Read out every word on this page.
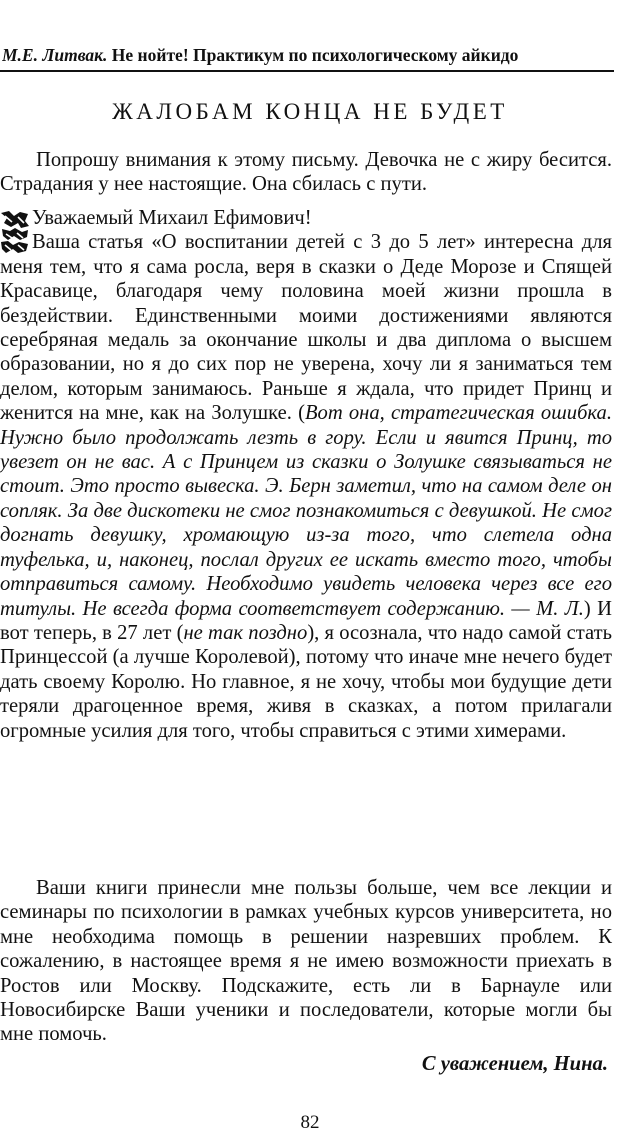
М.Е. Литвак. Не нойте! Практикум по психологическому айкидо
ЖАЛОБАМ КОНЦА НЕ БУДЕТ

Попрошу внимания к этому письму. Девочка не с жиру бесится. Страдания у нее настоящие. Она сбилась с пути.

Уважаемый Михаил Ефимович!

Ваша статья «О воспитании детей с 3 до 5 лет» интересна для меня тем, что я сама росла, веря в сказки о Деде Морозе и Спящей Красавице, благодаря чему половина моей жизни прошла в бездействии. Единственными моими достижениями являются серебряная медаль за окончание школы и два диплома о высшем образовании, но я до сих пор не уверена, хочу ли я заниматься тем делом, которым занимаюсь. Раньше я ждала, что придет Принц и женится на мне, как на Золушке. (Вот она, стратегическая ошибка. Нужно было продолжать лезть в гору. Если и явится Принц, то увезет он не вас. А с Принцем из сказки о Золушке связываться не стоит. Это просто вывеска. Э. Берн заметил, что на самом деле он сопляк. За две дискотеки не смог познакомиться с девушкой. Не смог догнать девушку, хромающую из-за того, что слетела одна туфелька, и, наконец, послал других ее искать вместо того, чтобы отправиться самому. Необходимо увидеть человека через все его титулы. Не всегда форма соответствует содержанию. — М. Л.) И вот теперь, в 27 лет (не так поздно), я осознала, что надо самой стать Принцессой (а лучше Королевой), потому что иначе мне нечего будет дать своему Королю. Но главное, я не хочу, чтобы мои будущие дети теряли драгоценное время, живя в сказках, а потом прилагали огромные усилия для того, чтобы справиться с этими химерами.

Ваши книги принесли мне пользы больше, чем все лекции и семинары по психологии в рамках учебных курсов университета, но мне необходима помощь в решении назревших проблем. К сожалению, в настоящее время я не имею возможности приехать в Ростов или Москву. Подскажите, есть ли в Барнауле или Новосибирске Ваши ученики и последователи, которые могли бы мне помочь.

С уважением, Нина.
82
